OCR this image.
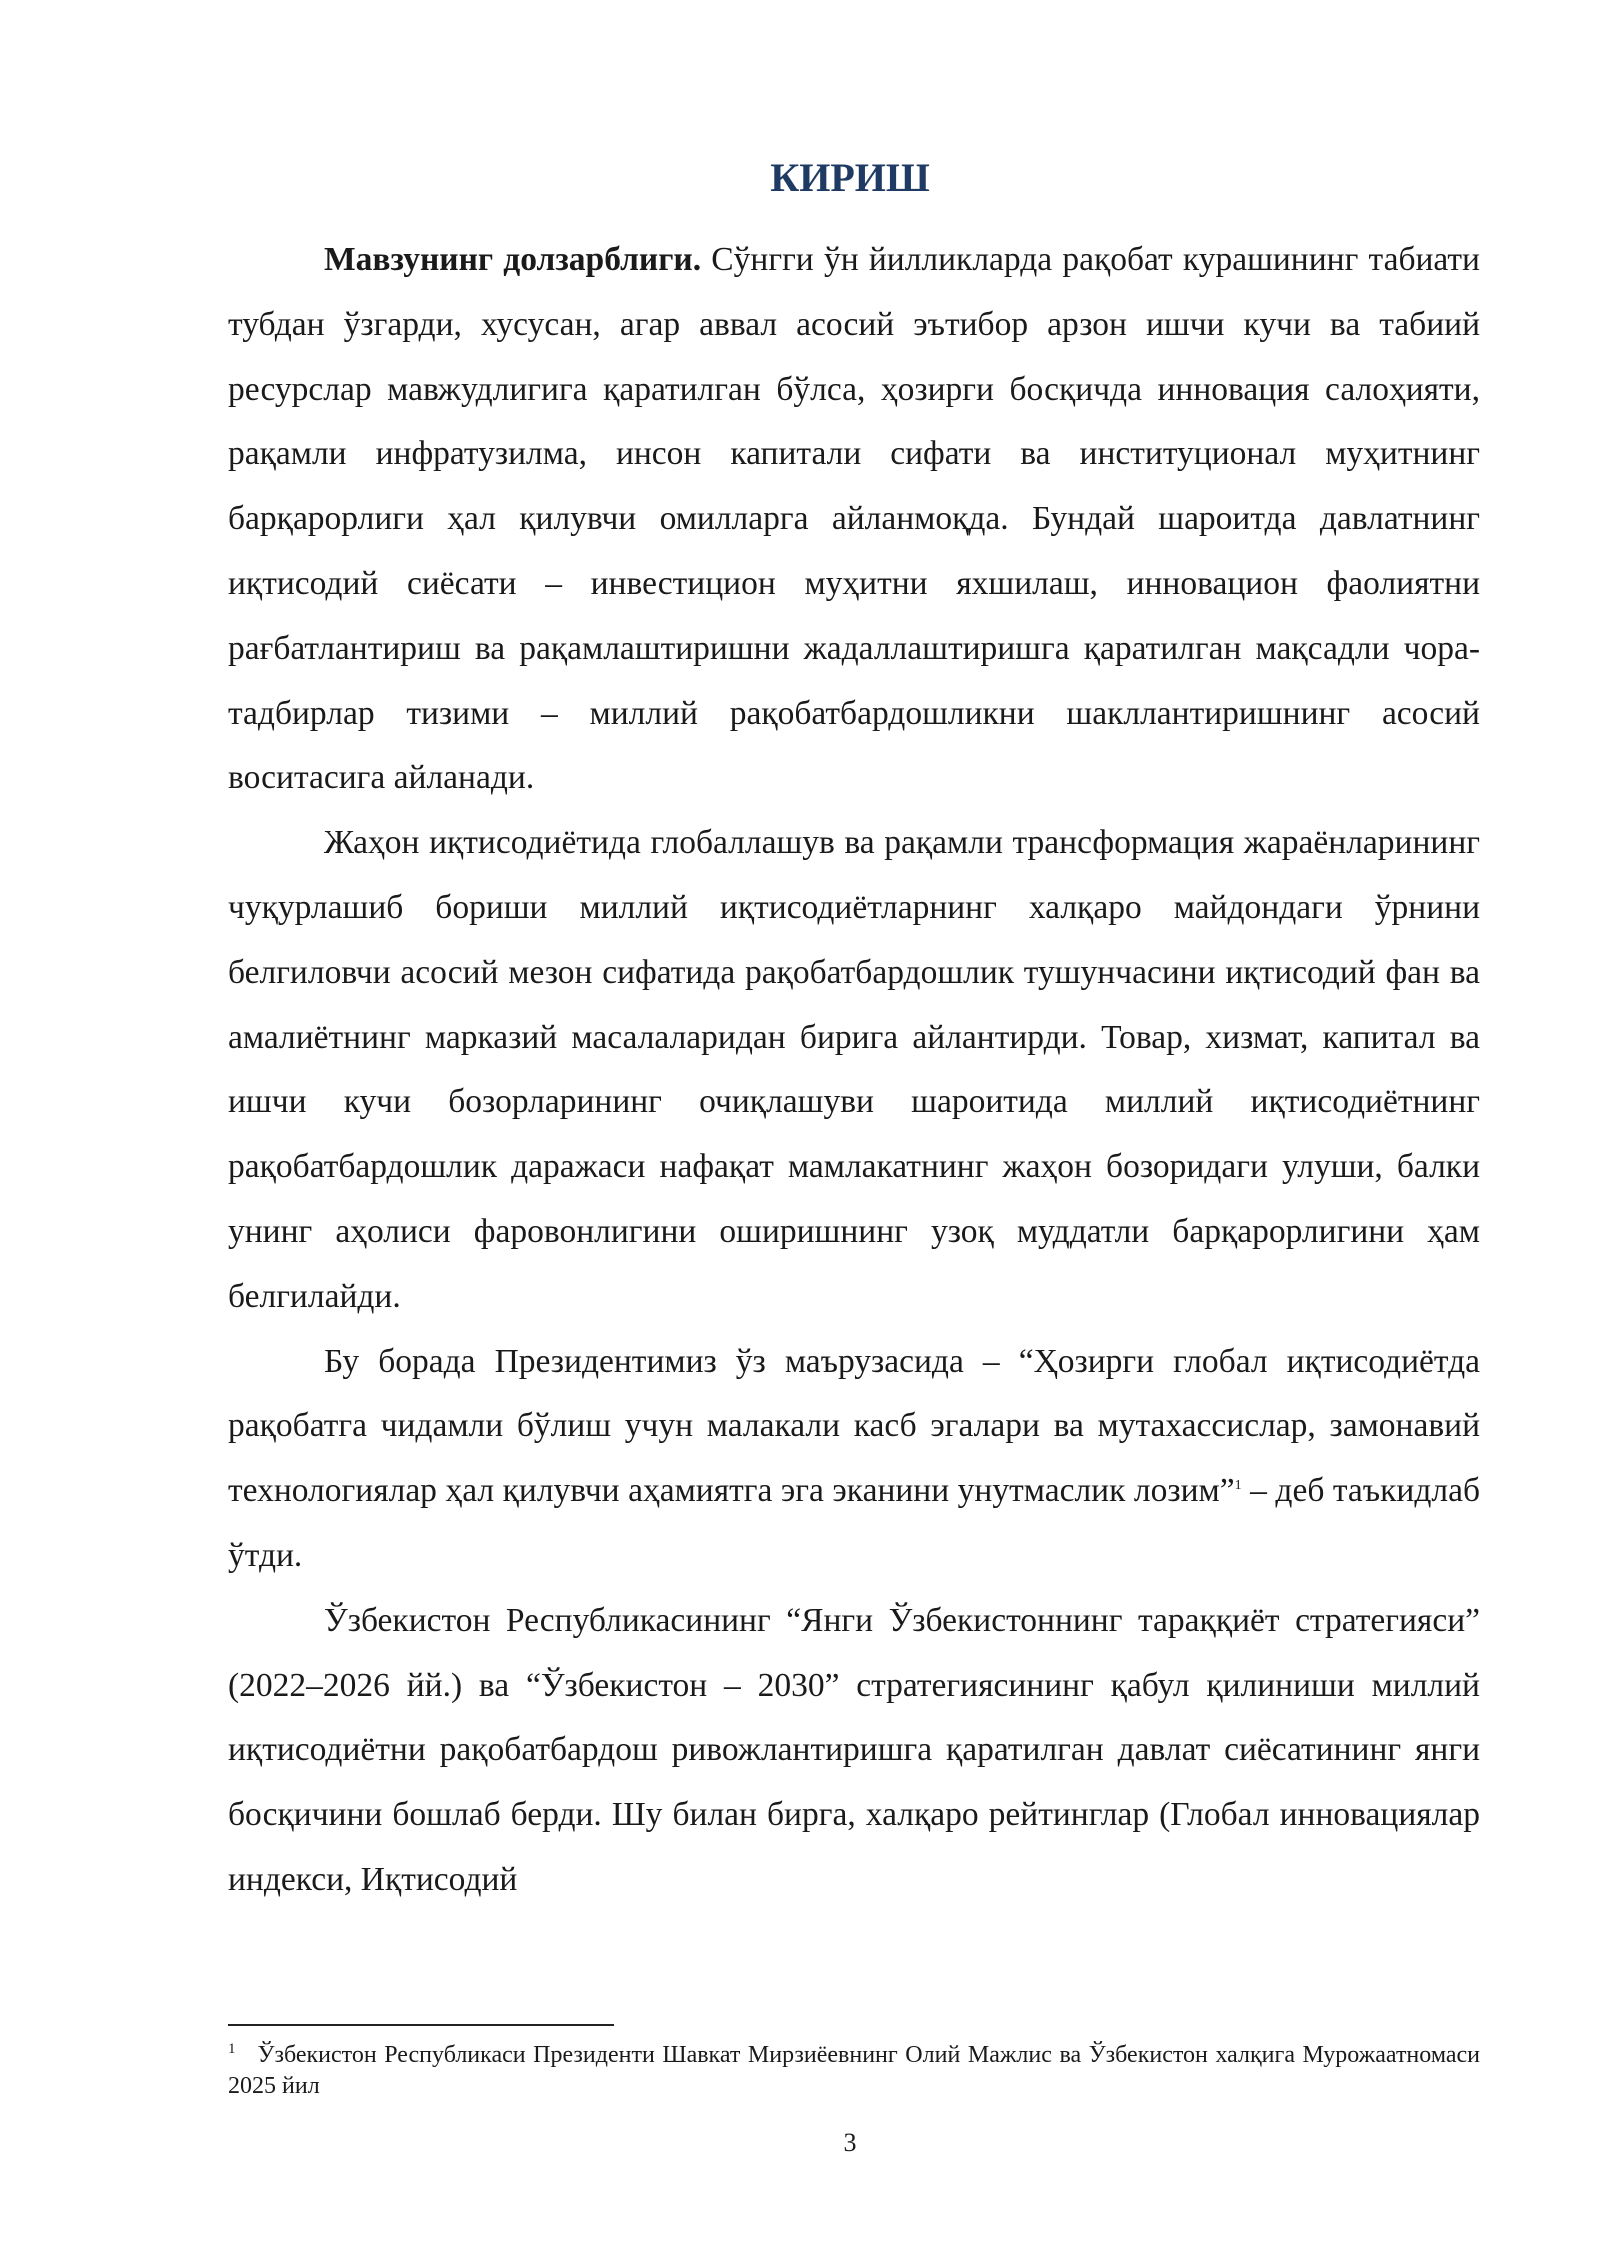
КИРИШ

Мавзунинг долзарблиги. Сўнгги ўн йилликларда рақобат курашининг табиати тубдан ўзгарди, хусусан, агар аввал асосий эътибор арзон ишчи кучи ва табиий ресурслар мавжудлигига қаратилган бўлса, ҳозирги босқичда инновация салоҳияти, рақамли инфратузилма, инсон капитали сифати ва институционал муҳитнинг барқарорлиги ҳал қилувчи омилларга айланмоқда. Бундай шароитда давлатнинг иқтисодий сиёсати – инвестицион муҳитни яхшилаш, инновацион фаолиятни рағбатлантириш ва рақамлаштиришни жадаллаштиришга қаратилган мақсадли чора-тадбирлар тизими – миллий рақобатбардошликни шакллантиришнинг асосий воситасига айланади.

Жаҳон иқтисодиётида глобаллашув ва рақамли трансформация жараёнларининг чуқурлашиб бориши миллий иқтисодиётларнинг халқаро майдондаги ўрнини белгиловчи асосий мезон сифатида рақобатбардошлик тушунчасини иқтисодий фан ва амалиётнинг марказий масалаларидан бирига айлантирди. Товар, хизмат, капитал ва ишчи кучи бозорларининг очиқлашуви шароитида миллий иқтисодиётнинг рақобатбардошлик даражаси нафақат мамлакатнинг жаҳон бозоридаги улуши, балки унинг аҳолиси фаровонлигини оширишнинг узоқ муддатли барқарорлигини ҳам белгилайди.

Бу борада Президентимиз ўз маърузасида – “Ҳозирги глобал иқтисодиётда рақобатга чидамли бўлиш учун малакали касб эгалари ва мутахассислар, замонавий технологиялар ҳал қилувчи аҳамиятга эга эканини унутмаслик лозим”$^1$ – деб таъкидлаб ўтди.

Ўзбекистон Республикасининг “Янги Ўзбекистоннинг тараққиёт стратегияси” (2022–2026 йй.) ва “Ўзбекистон – 2030” стратегиясининг қабул қилиниши миллий иқтисодиётни рақобатбардош ривожлантиришга қаратилган давлат сиёсатининг янги босқичини бошлаб берди. Шу билан бирга, халқаро рейтинглар (Глобал инновациялар индекси, Иқтисодий

$^1$ Ўзбекистон Республикаси Президенти Шавкат Мирзиёевнинг Олий Мажлис ва Ўзбекистон халқига Мурожаатномаси 2025 йил

3
